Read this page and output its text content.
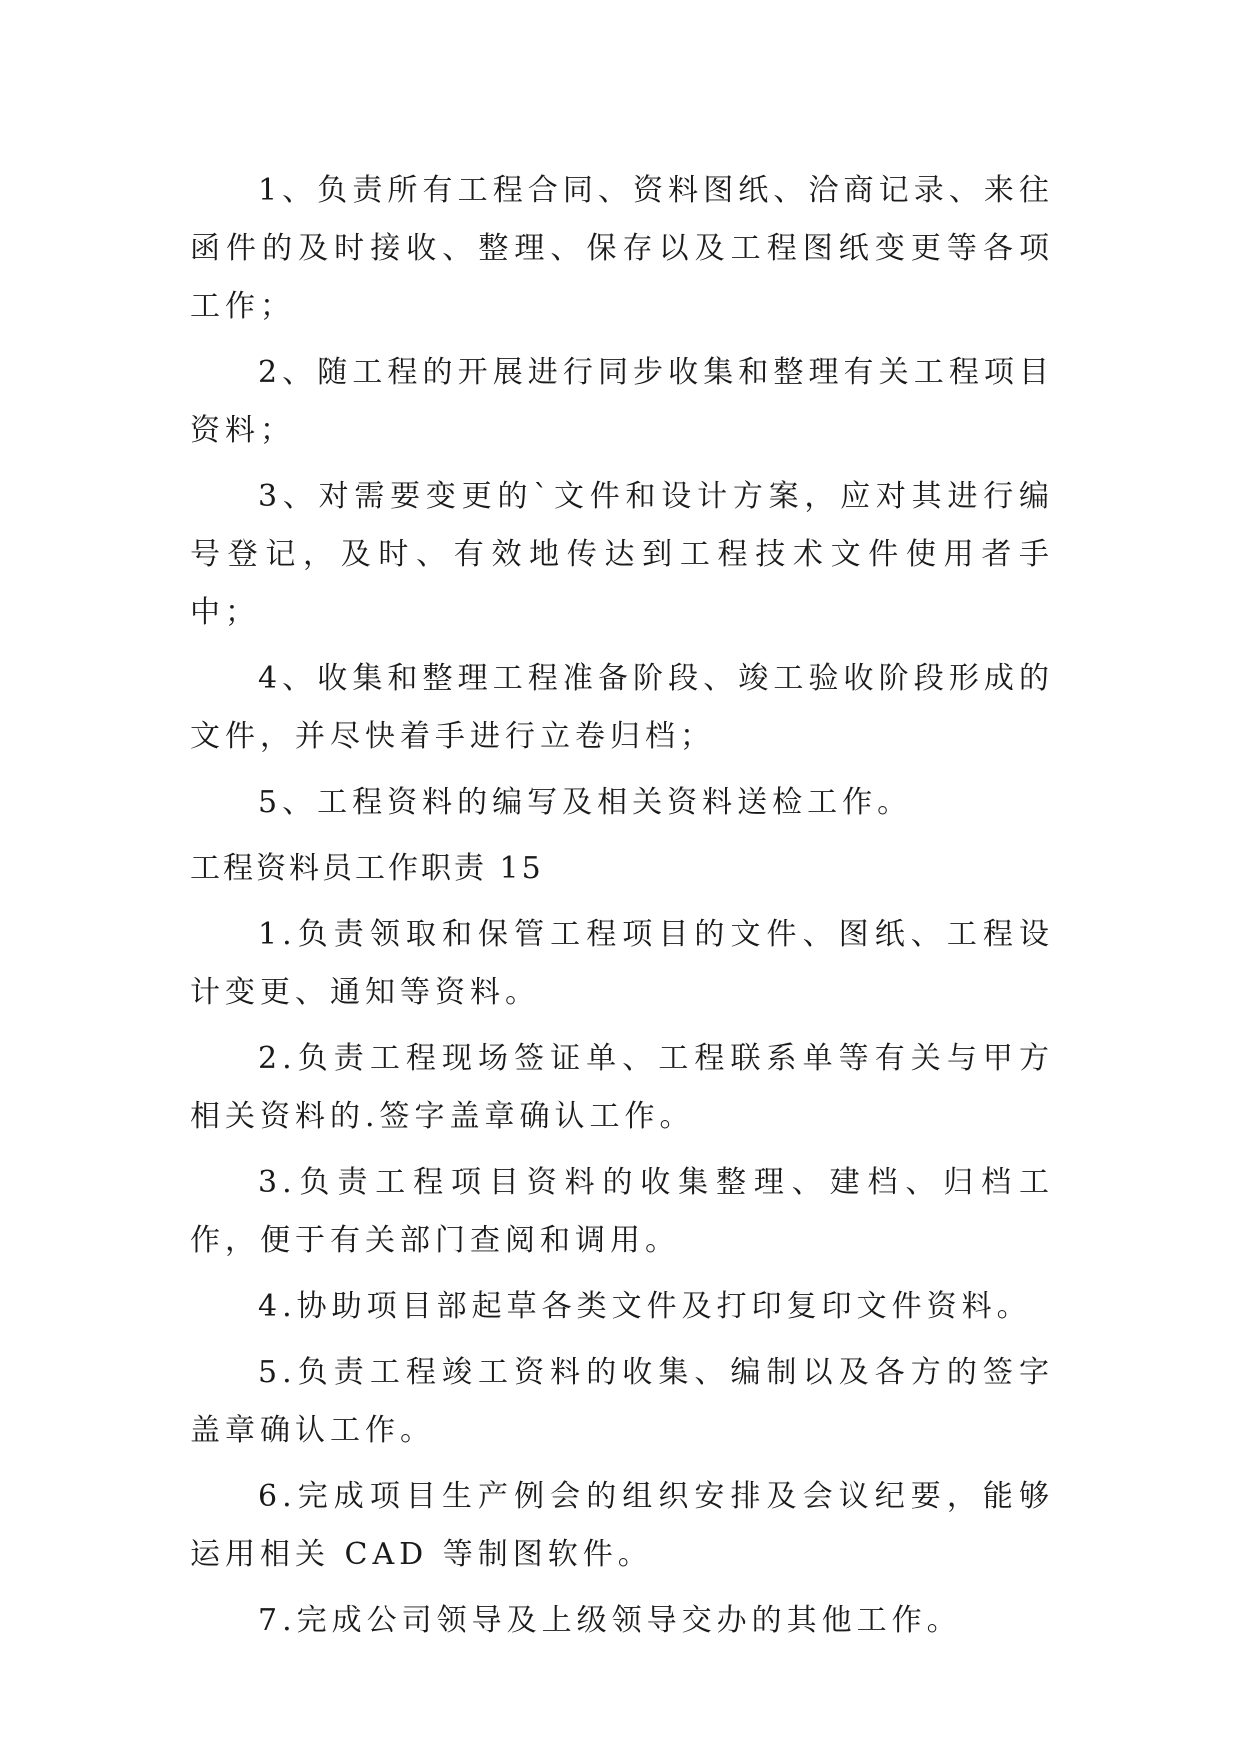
1、负责所有工程合同、资料图纸、洽商记录、来往函件的及时接收、整理、保存以及工程图纸变更等各项工作；

2、随工程的开展进行同步收集和整理有关工程项目资料；

3、对需要变更的`文件和设计方案，应对其进行编号登记，及时、有效地传达到工程技术文件使用者手中；

4、收集和整理工程准备阶段、竣工验收阶段形成的文件，并尽快着手进行立卷归档；

5、工程资料的编写及相关资料送检工作。

工程资料员工作职责 15

1.负责领取和保管工程项目的文件、图纸、工程设计变更、通知等资料。

2.负责工程现场签证单、工程联系单等有关与甲方相关资料的.签字盖章确认工作。

3.负责工程项目资料的收集整理、建档、归档工作，便于有关部门查阅和调用。

4.协助项目部起草各类文件及打印复印文件资料。

5.负责工程竣工资料的收集、编制以及各方的签字盖章确认工作。

6.完成项目生产例会的组织安排及会议纪要，能够运用相关 CAD 等制图软件。

7.完成公司领导及上级领导交办的其他工作。
